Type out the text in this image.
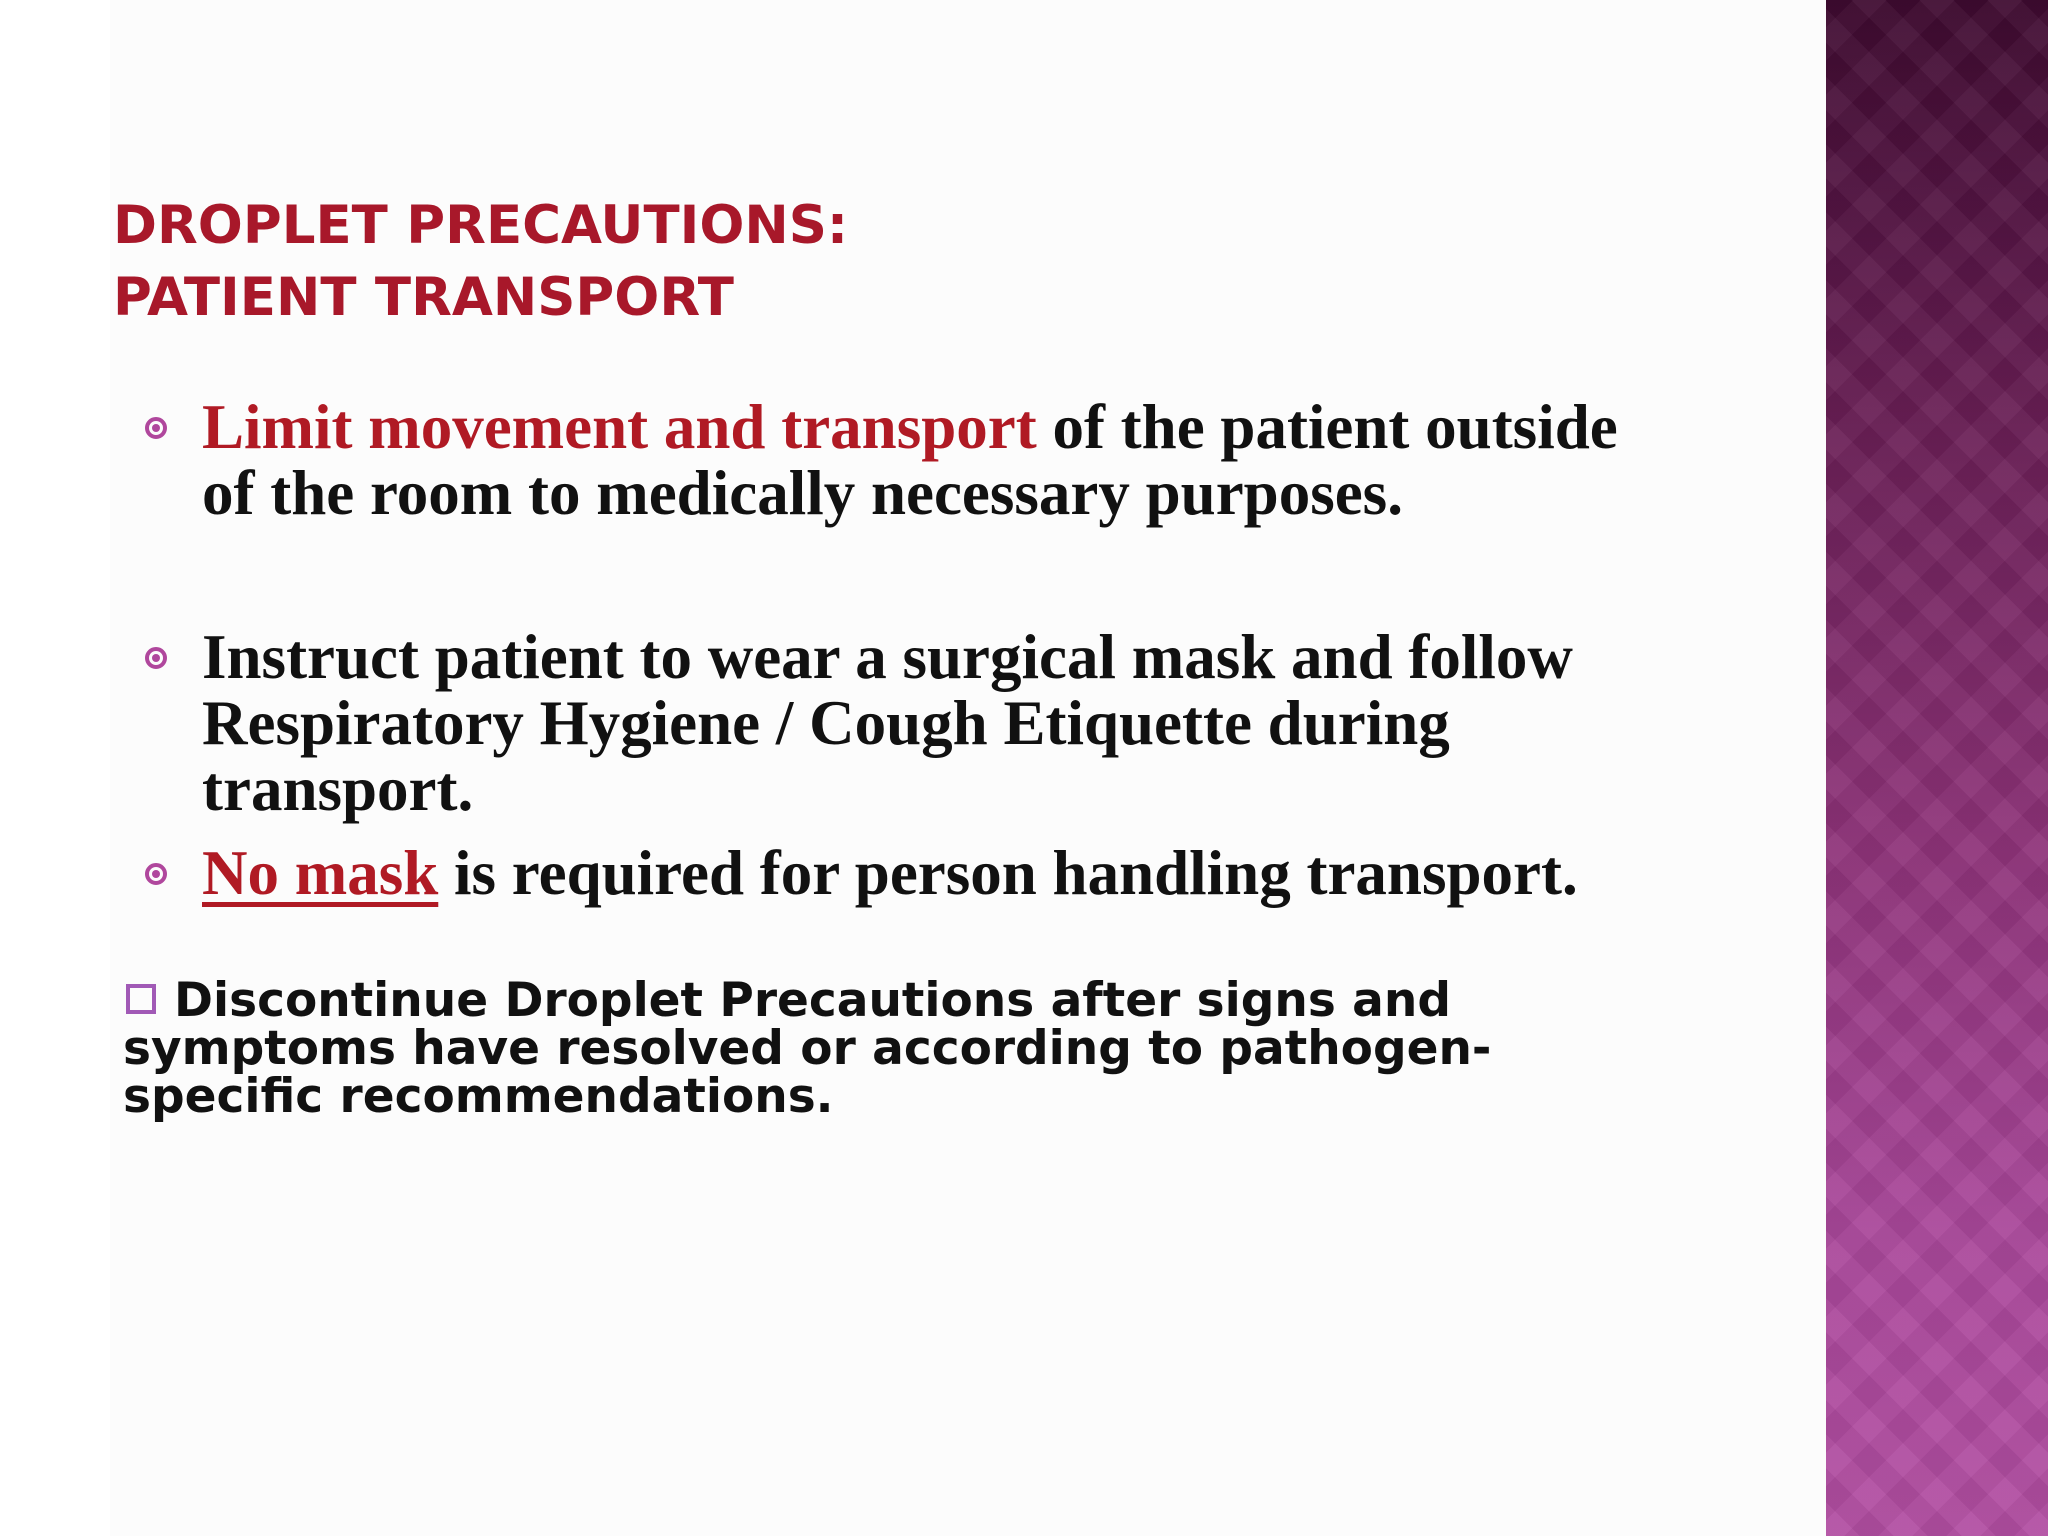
DROPLET PRECAUTIONS:
PATIENT TRANSPORT
Limit movement and transport of the patient outside
of the room to medically necessary purposes.
Instruct patient to wear a surgical mask and follow
Respiratory Hygiene / Cough Etiquette during
transport.
No mask is required for person handling transport.
Discontinue Droplet Precautions after signs and
symptoms have resolved or according to pathogen-
specific recommendations.
